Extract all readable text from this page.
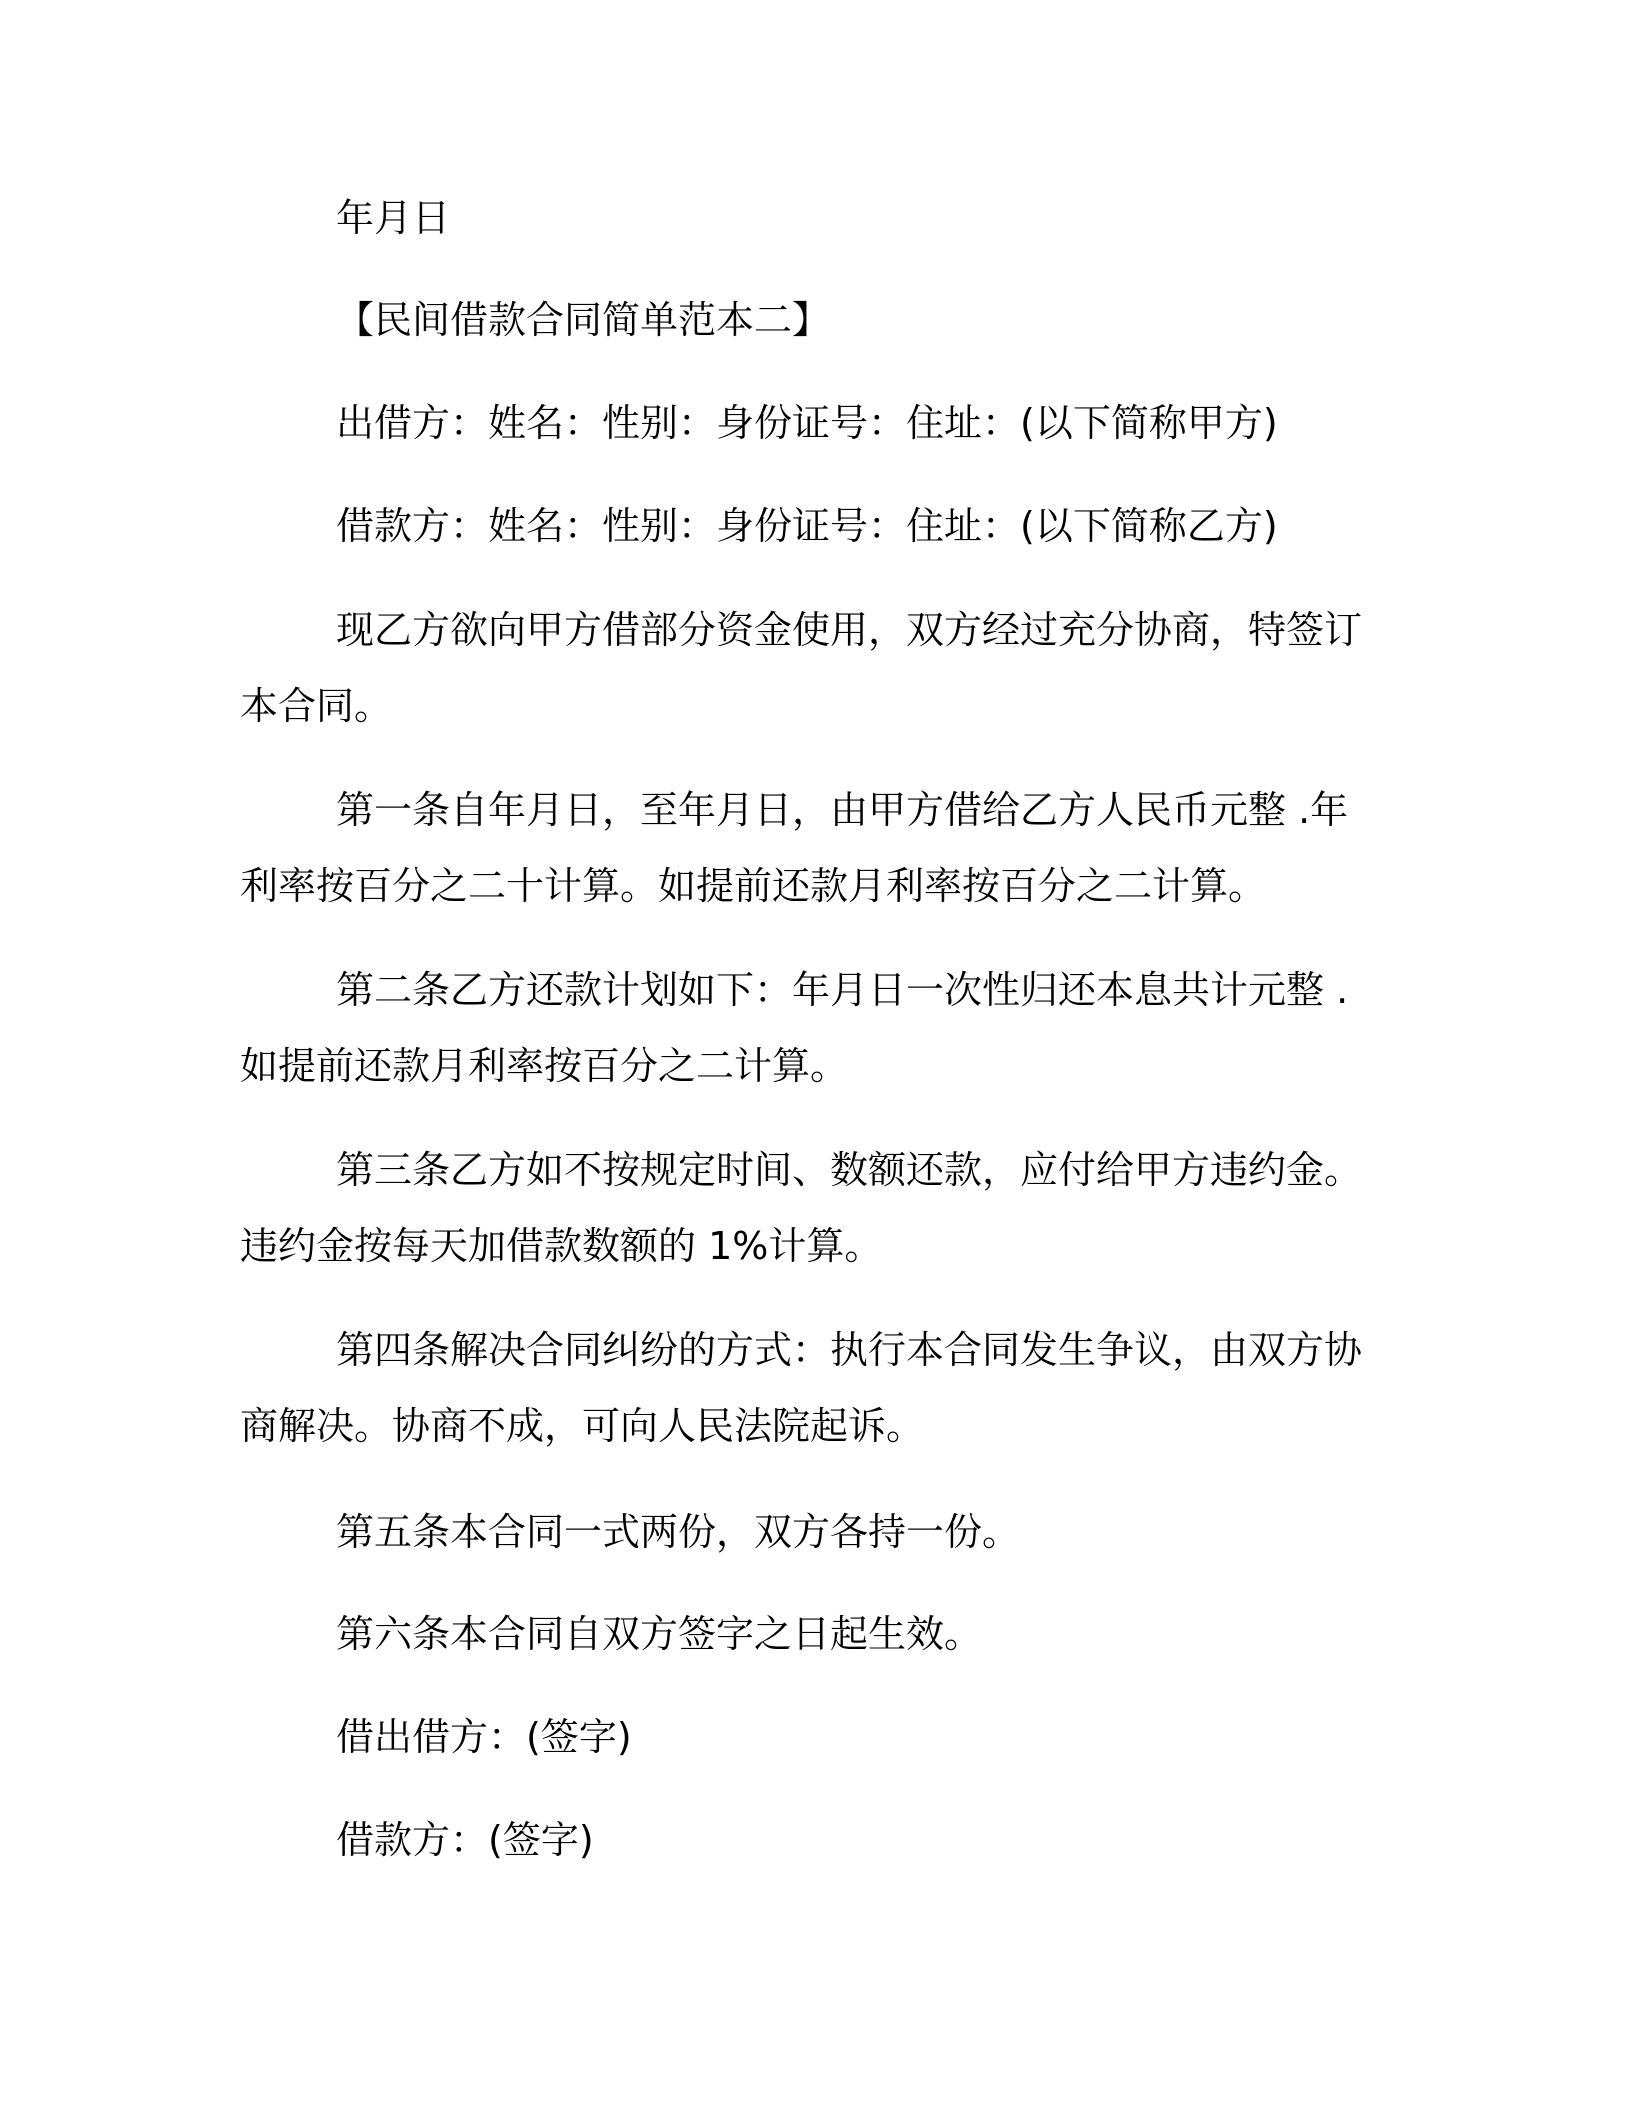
年月日

【民间借款合同简单范本二】

出借方：姓名：性别：身份证号：住址：(以下简称甲方)

借款方：姓名：性别：身份证号：住址：(以下简称乙方)

现乙方欲向甲方借部分资金使用，双方经过充分协商，特签订本合同。

第一条自年月日，至年月日，由甲方借给乙方人民币元整 .年利率按百分之二十计算。如提前还款月利率按百分之二计算。

第二条乙方还款计划如下：年月日一次性归还本息共计元整 .如提前还款月利率按百分之二计算。

第三条乙方如不按规定时间、数额还款，应付给甲方违约金。违约金按每天加借款数额的 1%计算。

第四条解决合同纠纷的方式：执行本合同发生争议，由双方协商解决。协商不成，可向人民法院起诉。

第五条本合同一式两份，双方各持一份。

第六条本合同自双方签字之日起生效。

借出借方：(签字)

借款方：(签字)
